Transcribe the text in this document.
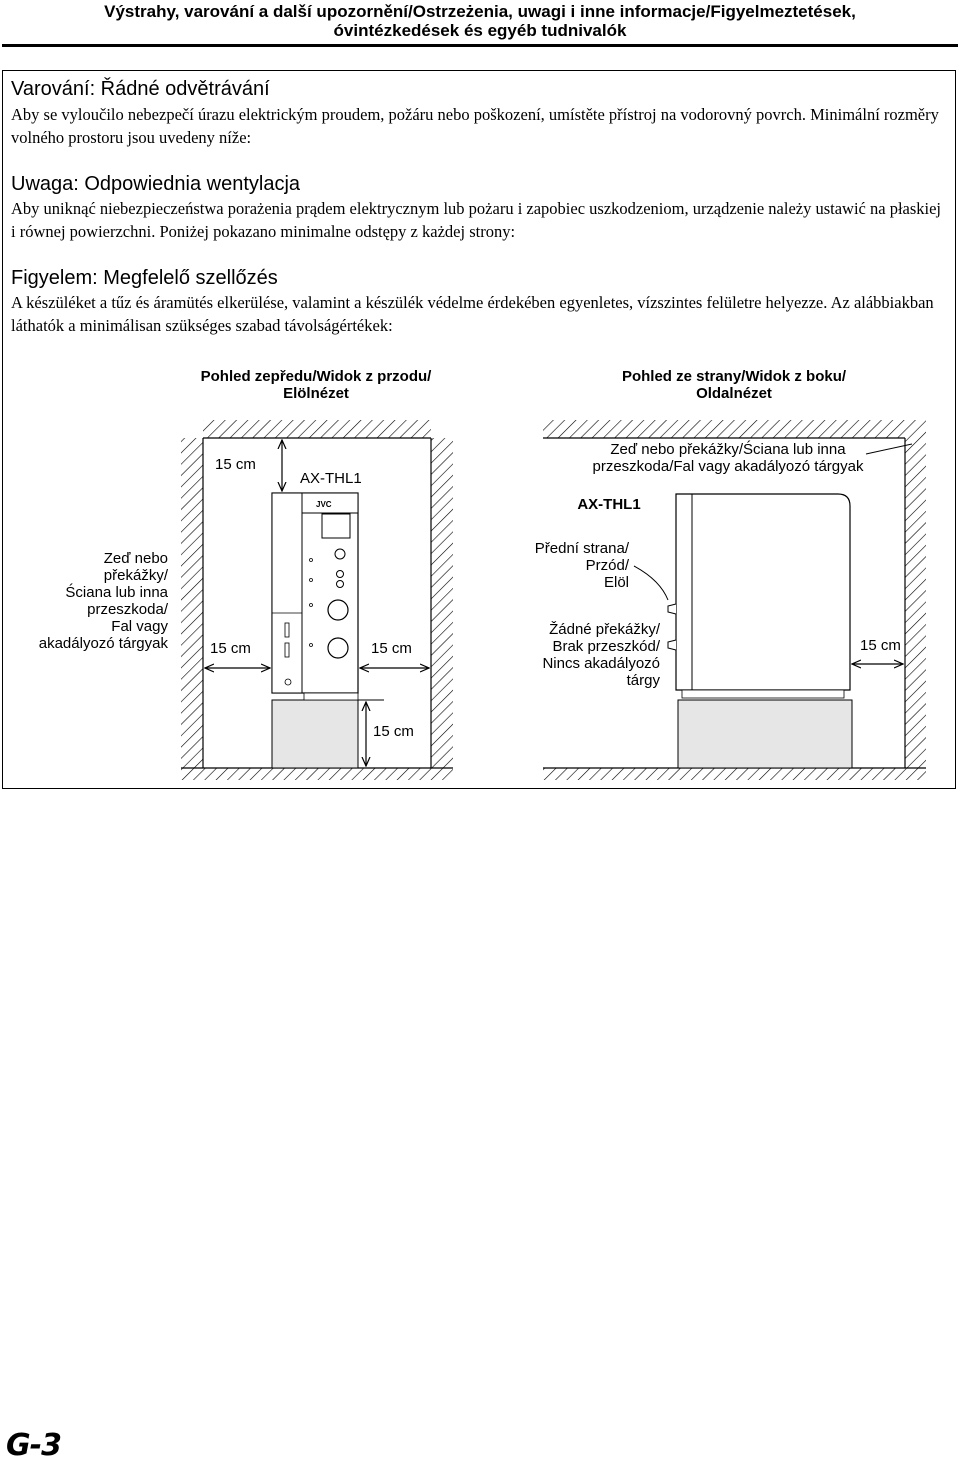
Výstrahy, varování a další upozornění/Ostrzeżenia, uwagi i inne informacje/Figyelmeztetések,
óvintézkedések és egyéb tudnivalók
Varování: Řádné odvětrávání
Aby se vyloučilo nebezpečí úrazu elektrickým proudem, požáru nebo poškození, umístěte přístroj na vodorovný povrch. Minimální rozměry volného prostoru jsou uvedeny níže:
Uwaga: Odpowiednia wentylacja
Aby uniknąć niebezpieczeństwa porażenia prądem elektrycznym lub pożaru i zapobiec uszkodzeniom, urządzenie należy ustawić na płaskiej i równej powierzchni. Poniżej pokazano minimalne odstępy z każdej strony:
Figyelem: Megfelelő szellőzés
A készüléket a tűz és áramütés elkerülése, valamint a készülék védelme érdekében egyenletes, vízszintes felületre helyezze. Az alábbiakban láthatók a minimálisan szükséges szabad távolságértékek:
Pohled zepředu/Widok z przodu/
Elölnézet
Pohled ze strany/Widok z boku/
Oldalnézet
JVC
15 cm
AX-THL1
15 cm	15 cm
15 cm
Zeď nebo
překážky/
Ściana lub inna
przeszkoda/
Fal vagy
akadályozó tárgyak
AX-THL1
Zeď nebo překážky/Ściana lub inna
przeszkoda/Fal vagy akadályozó tárgyak
Přední strana/
Przód/
Elöl
Žádné překážky/
Brak przeszkód/
Nincs akadályozó
tárgy
15 cm
G-3
